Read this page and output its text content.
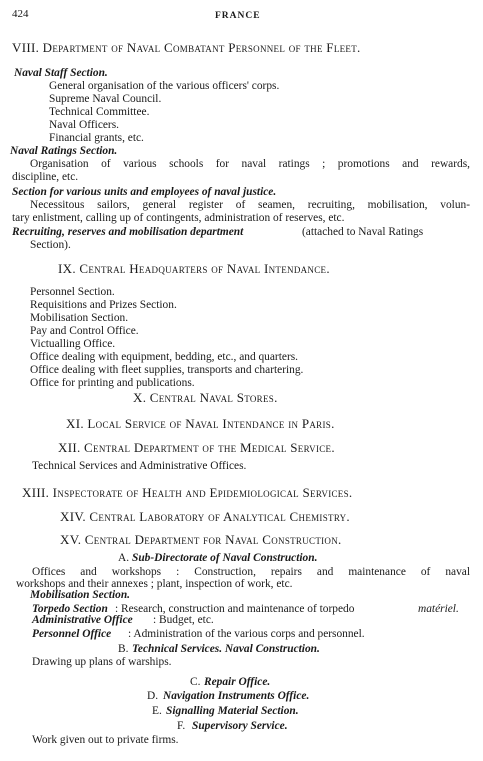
424	FRANCE
VIII. Department of Naval Combatant Personnel of the Fleet.
Naval Staff Section.
General organisation of the various officers' corps.
Supreme Naval Council.
Technical Committee.
Naval Officers.
Financial grants, etc.
Naval Ratings Section.
Organisation of various schools for naval ratings ; promotions and rewards,
discipline, etc.
Section for various units and employees of naval justice.
Necessitous sailors, general register of seamen, recruiting, mobilisation, volun-
tary enlistment, calling up of contingents, administration of reserves, etc.
Recruiting, reserves and mobilisation department	(attached to Naval Ratings
Section).
IX. Central Headquarters of Naval Intendance.
Personnel Section.
Requisitions and Prizes Section.
Mobilisation Section.
Pay and Control Office.
Victualling Office.
Office dealing with equipment, bedding, etc., and quarters.
Office dealing with fleet supplies, transports and chartering.
Office for printing and publications.
X. Central Naval Stores.
XI. Local Service of Naval Intendance in Paris.
XII. Central Department of the Medical Service.
Technical Services and Administrative Offices.
XIII. Inspectorate of Health and Epidemiological Services.
XIV. Central Laboratory of Analytical Chemistry.
XV. Central Department for Naval Construction.
A. Sub-Directorate of Naval Construction.
Offices and workshops : Construction, repairs and maintenance of naval
workshops and their annexes ; plant, inspection of work, etc.
Mobilisation Section.
Torpedo Section : Research, construction and maintenance of torpedo	matériel.
Administrative Office : Budget, etc.
Personnel Office : Administration of the various corps and personnel.
B. Technical Services. Naval Construction.
Drawing up plans of warships.
C. Repair Office.
D. Navigation Instruments Office.
E. Signalling Material Section.
F. Supervisory Service.
Work given out to private firms.
